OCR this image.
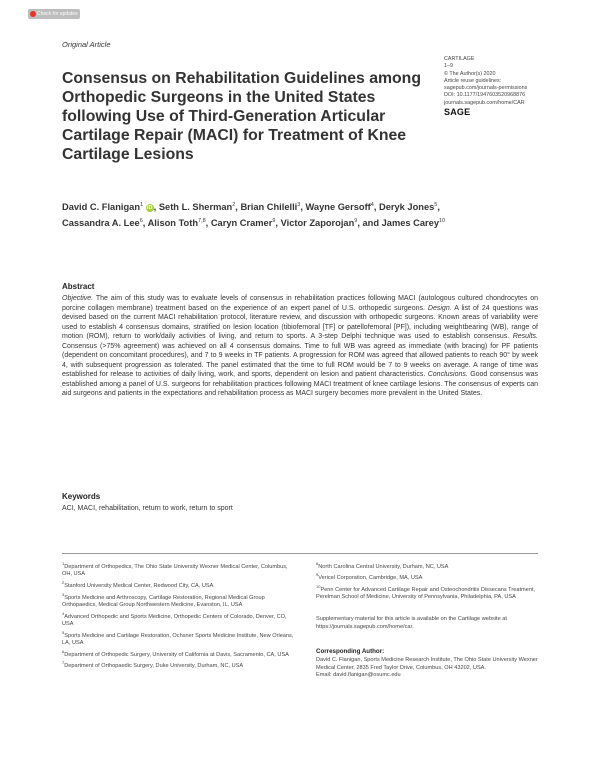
Check for updates
Original Article
Consensus on Rehabilitation Guidelines among Orthopedic Surgeons in the United States following Use of Third-Generation Articular Cartilage Repair (MACI) for Treatment of Knee Cartilage Lesions
CARTILAGE
1–9
© The Author(s) 2020
Article reuse guidelines:
sagepub.com/journals-permissions
DOI: 10.1177/1947603520968876
journals.sagepub.com/home/CAR
SAGE
David C. Flanigan$^1$ iD, Seth L. Sherman$^2$, Brian Chilelli$^3$, Wayne Gersoff$^4$, Deryk Jones$^5$, Cassandra A. Lee$^6$, Alison Toth$^{7,8}$, Caryn Cramer$^9$, Victor Zaporojan$^9$, and James Carey$^{10}$
Abstract
Objective. The aim of this study was to evaluate levels of consensus in rehabilitation practices following MACI (autologous cultured chondrocytes on porcine collagen membrane) treatment based on the experience of an expert panel of U.S. orthopedic surgeons. Design. A list of 24 questions was devised based on the current MACI rehabilitation protocol, literature review, and discussion with orthopedic surgeons. Known areas of variability were used to establish 4 consensus domains, stratified on lesion location (tibiofemoral [TF] or patellofemoral [PF]), including weightbearing (WB), range of motion (ROM), return to work/daily activities of living, and return to sports. A 3-step Delphi technique was used to establish consensus. Results. Consensus (>75% agreement) was achieved on all 4 consensus domains. Time to full WB was agreed as immediate (with bracing) for PF patients (dependent on concomitant procedures), and 7 to 9 weeks in TF patients. A progression for ROM was agreed that allowed patients to reach 90° by week 4, with subsequent progression as tolerated. The panel estimated that the time to full ROM would be 7 to 9 weeks on average. A range of time was established for release to activities of daily living, work, and sports, dependent on lesion and patient characteristics. Conclusions. Good consensus was established among a panel of U.S. surgeons for rehabilitation practices following MACI treatment of knee cartilage lesions. The consensus of experts can aid surgeons and patients in the expectations and rehabilitation process as MACI surgery becomes more prevalent in the United States.
Keywords
ACI, MACI, rehabilitation, return to work, return to sport
$^1$Department of Orthopedics, The Ohio State University Wexner Medical Center, Columbus, OH, USA
$^2$Stanford University Medical Center, Redwood City, CA, USA
$^3$Sports Medicine and Arthroscopy, Cartilage Restoration, Regional Medical Group Orthopaedics, Medical Group Northwestern Medicine, Evanston, IL, USA
$^4$Advanced Orthopedic and Sports Medicine, Orthopedic Centers of Colorado, Denver, CO, USA
$^5$Sports Medicine and Cartilage Restoration, Ochsner Sports Medicine Institute, New Orleans, LA, USA
$^6$Department of Orthopedic Surgery, University of California at Davis, Sacramento, CA, USA
$^7$Department of Orthopaedic Surgery, Duke University, Durham, NC, USA
$^8$North Carolina Central University, Durham, NC, USA
$^9$Vericel Corporation, Cambridge, MA, USA
$^{10}$Penn Center for Advanced Cartilage Repair and Osteochondritis Dissecans Treatment, Perelman School of Medicine, University of Pennsylvania, Philadelphia, PA, USA
Supplementary material for this article is available on the Cartilage website at https://journals.sagepub.com/home/car.
Corresponding Author:
David C. Flanigan, Sports Medicine Research Institute, The Ohio State University Wexner Medical Center, 2835 Fred Taylor Drive, Columbus, OH 43202, USA.
Email: david.flanigan@osumc.edu
